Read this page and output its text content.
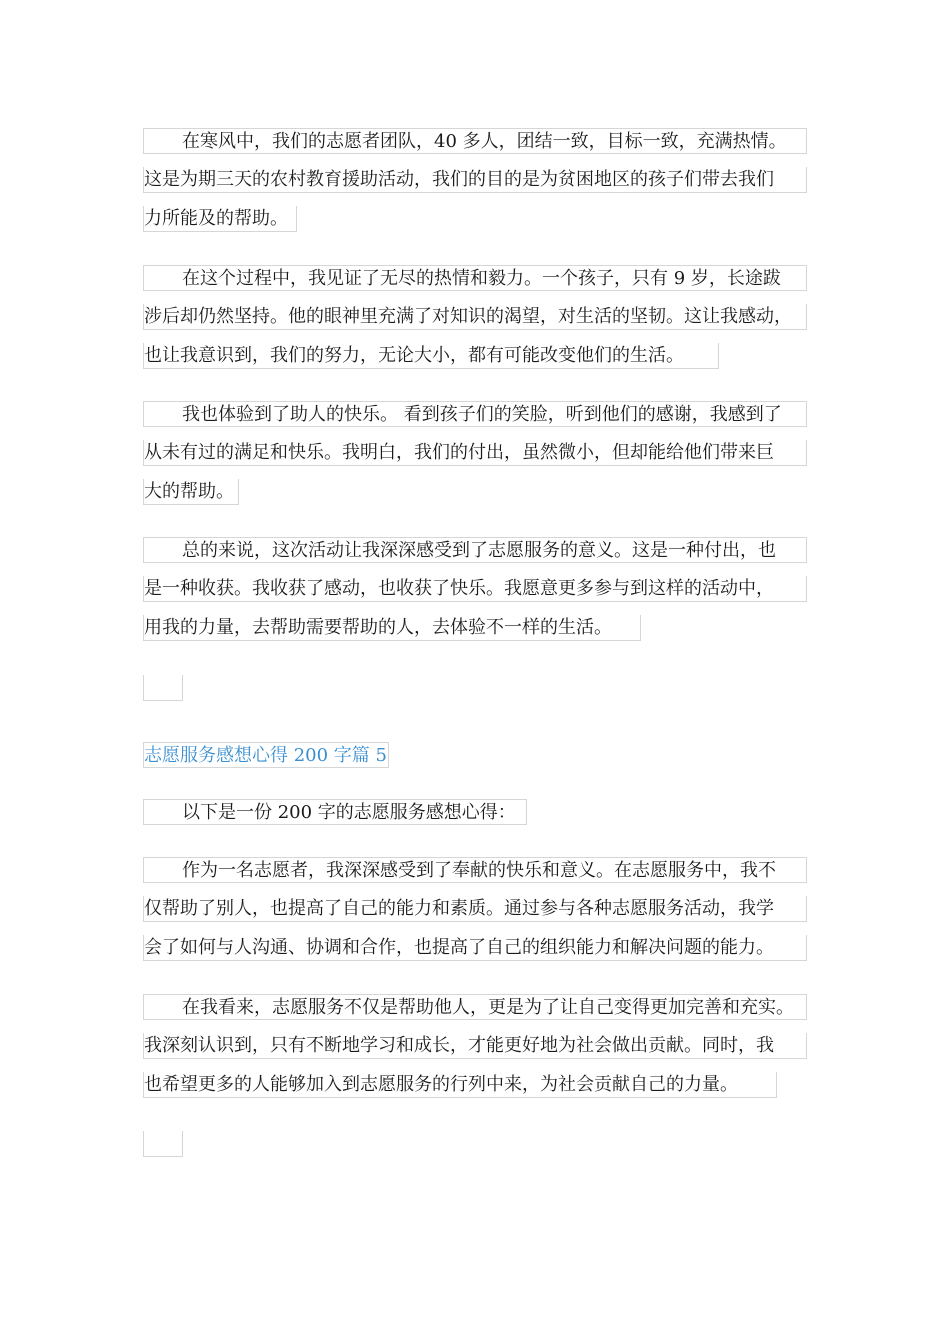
在寒风中，我们的志愿者团队，40 多人，团结一致，目标一致，充满热情。
这是为期三天的农村教育援助活动，我们的目的是为贫困地区的孩子们带去我们
力所能及的帮助。
在这个过程中，我见证了无尽的热情和毅力。一个孩子，只有 9 岁，长途跋
涉后却仍然坚持。他的眼神里充满了对知识的渴望，对生活的坚韧。这让我感动，
也让我意识到，我们的努力，无论大小，都有可能改变他们的生活。
我也体验到了助人的快乐。 看到孩子们的笑脸，听到他们的感谢，我感到了
从未有过的满足和快乐。我明白，我们的付出，虽然微小，但却能给他们带来巨
大的帮助。
总的来说，这次活动让我深深感受到了志愿服务的意义。这是一种付出，也
是一种收获。我收获了感动，也收获了快乐。我愿意更多参与到这样的活动中，
用我的力量，去帮助需要帮助的人，去体验不一样的生活。
志愿服务感想心得 200 字篇 5
以下是一份 200 字的志愿服务感想心得：
作为一名志愿者，我深深感受到了奉献的快乐和意义。在志愿服务中，我不
仅帮助了别人，也提高了自己的能力和素质。通过参与各种志愿服务活动，我学
会了如何与人沟通、协调和合作，也提高了自己的组织能力和解决问题的能力。
在我看来，志愿服务不仅是帮助他人，更是为了让自己变得更加完善和充实。
我深刻认识到，只有不断地学习和成长，才能更好地为社会做出贡献。同时，我
也希望更多的人能够加入到志愿服务的行列中来，为社会贡献自己的力量。
